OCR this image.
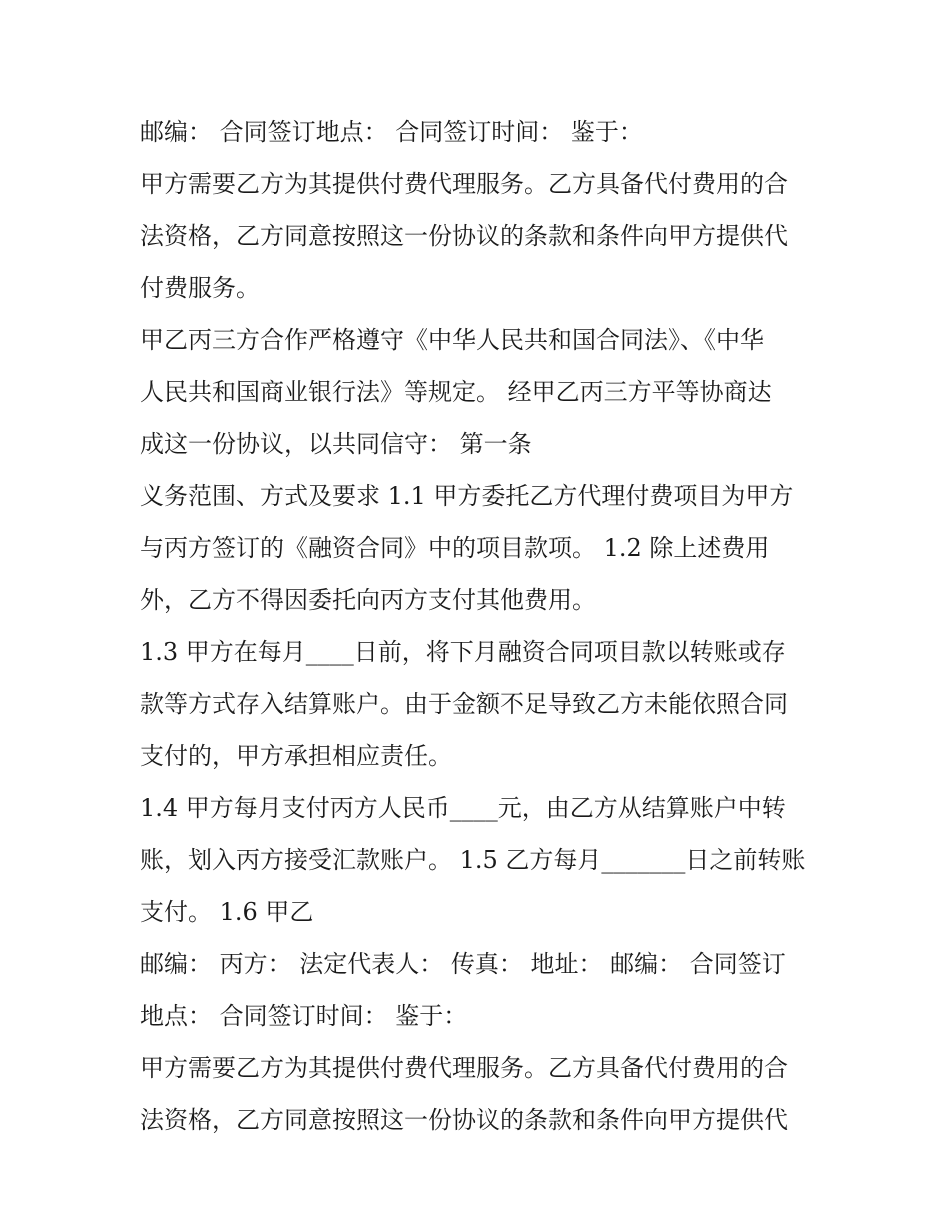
邮编： 合同签订地点： 合同签订时间： 鉴于：
甲方需要乙方为其提供付费代理服务。乙方具备代付费用的合
法资格，乙方同意按照这一份协议的条款和条件向甲方提供代
付费服务。
甲乙丙三方合作严格遵守《中华人民共和国合同法》、《中华
人民共和国商业银行法》等规定。 经甲乙丙三方平等协商达
成这一份协议，以共同信守： 第一条
义务范围、方式及要求 1.1 甲方委托乙方代理付费项目为甲方
与丙方签订的《融资合同》中的项目款项。 1.2 除上述费用
外，乙方不得因委托向丙方支付其他费用。
1.3 甲方在每月____日前，将下月融资合同项目款以转账或存
款等方式存入结算账户。由于金额不足导致乙方未能依照合同
支付的，甲方承担相应责任。
1.4 甲方每月支付丙方人民币____元，由乙方从结算账户中转
账，划入丙方接受汇款账户。 1.5 乙方每月_______日之前转账
支付。 1.6 甲乙
邮编： 丙方： 法定代表人： 传真： 地址： 邮编： 合同签订
地点： 合同签订时间： 鉴于：
甲方需要乙方为其提供付费代理服务。乙方具备代付费用的合
法资格，乙方同意按照这一份协议的条款和条件向甲方提供代
